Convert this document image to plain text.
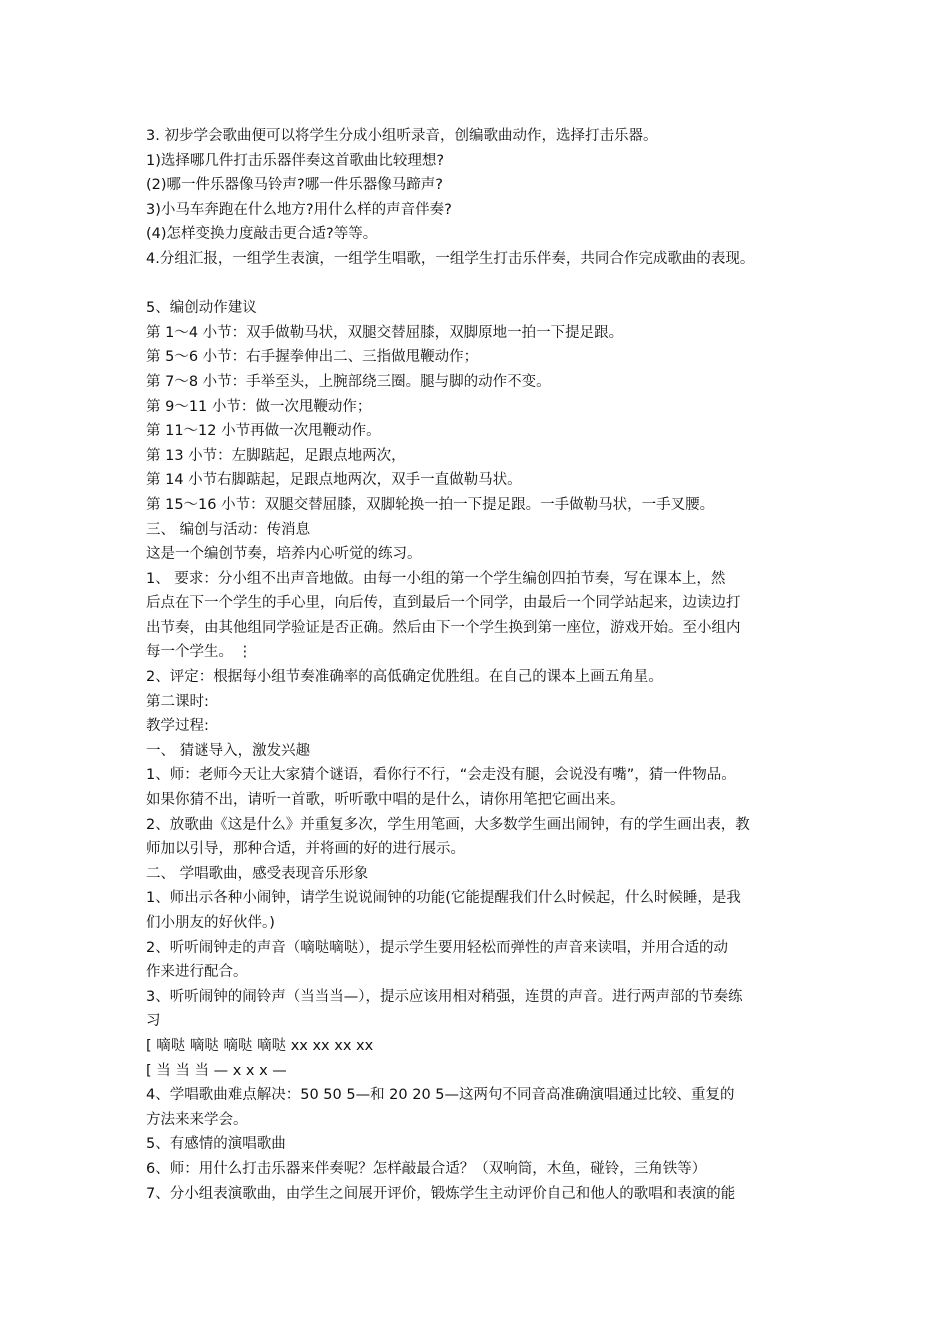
3. 初步学会歌曲便可以将学生分成小组听录音，创编歌曲动作，选择打击乐器。
1)选择哪几件打击乐器伴奏这首歌曲比较理想?
(2)哪一件乐器像马铃声?哪一件乐器像马蹄声?
3)小马车奔跑在什么地方?用什么样的声音伴奏?
(4)怎样变换力度敲击更合适?等等。
4.分组汇报，一组学生表演，一组学生唱歌，一组学生打击乐伴奏，共同合作完成歌曲的表现。
5、编创动作建议
第 1～4 小节：双手做勒马状，双腿交替屈膝，双脚原地一拍一下提足跟。
第 5～6 小节：右手握拳伸出二、三指做甩鞭动作；
第 7～8 小节：手举至头，上腕部绕三圈。腿与脚的动作不变。
第 9～11 小节：做一次甩鞭动作；
第 11～12 小节再做一次甩鞭动作。
第 13 小节：左脚踮起，足跟点地两次，
第 14 小节右脚踮起，足跟点地两次，双手一直做勒马状。
第 15～16 小节：双腿交替屈膝，双脚轮换一拍一下提足跟。一手做勒马状，一手叉腰。
三、 编创与活动：传消息
这是一个编创节奏，培养内心听觉的练习。
1、 要求：分小组不出声音地做。由每一小组的第一个学生编创四拍节奏，写在课本上，然
后点在下一个学生的手心里，向后传，直到最后一个同学，由最后一个同学站起来，边读边打
出节奏，由其他组同学验证是否正确。然后由下一个学生换到第一座位，游戏开始。至小组内
每一个学生。 ⋮
2、评定：根据每小组节奏准确率的高低确定优胜组。在自己的课本上画五角星。
第二课时:
教学过程:
一、 猜谜导入，激发兴趣
1、师：老师今天让大家猜个谜语，看你行不行，“会走没有腿，会说没有嘴”，猜一件物品。
如果你猜不出，请听一首歌，听听歌中唱的是什么，请你用笔把它画出来。
2、放歌曲《这是什么》并重复多次，学生用笔画，大多数学生画出闹钟，有的学生画出表，教
师加以引导，那种合适，并将画的好的进行展示。
二、 学唱歌曲，感受表现音乐形象
1、师出示各种小闹钟，请学生说说闹钟的功能(它能提醒我们什么时候起，什么时候睡，是我
们小朋友的好伙伴。)
2、听听闹钟走的声音（嘀哒嘀哒），提示学生要用轻松而弹性的声音来读唱，并用合适的动
作来进行配合。
3、听听闹钟的闹铃声（当当当—），提示应该用相对稍强，连贯的声音。进行两声部的节奏练
习
[ 嘀哒 嘀哒 嘀哒 嘀哒 xx xx xx xx
[ 当 当 当 — x x x —
4、学唱歌曲难点解决：50 50 5—和 20 20 5—这两句不同音高准确演唱通过比较、重复的
方法来来学会。
5、有感情的演唱歌曲
6、师：用什么打击乐器来伴奏呢？怎样敲最合适？（双响筒，木鱼，碰铃，三角铁等）
7、分小组表演歌曲，由学生之间展开评价，锻炼学生主动评价自己和他人的歌唱和表演的能
